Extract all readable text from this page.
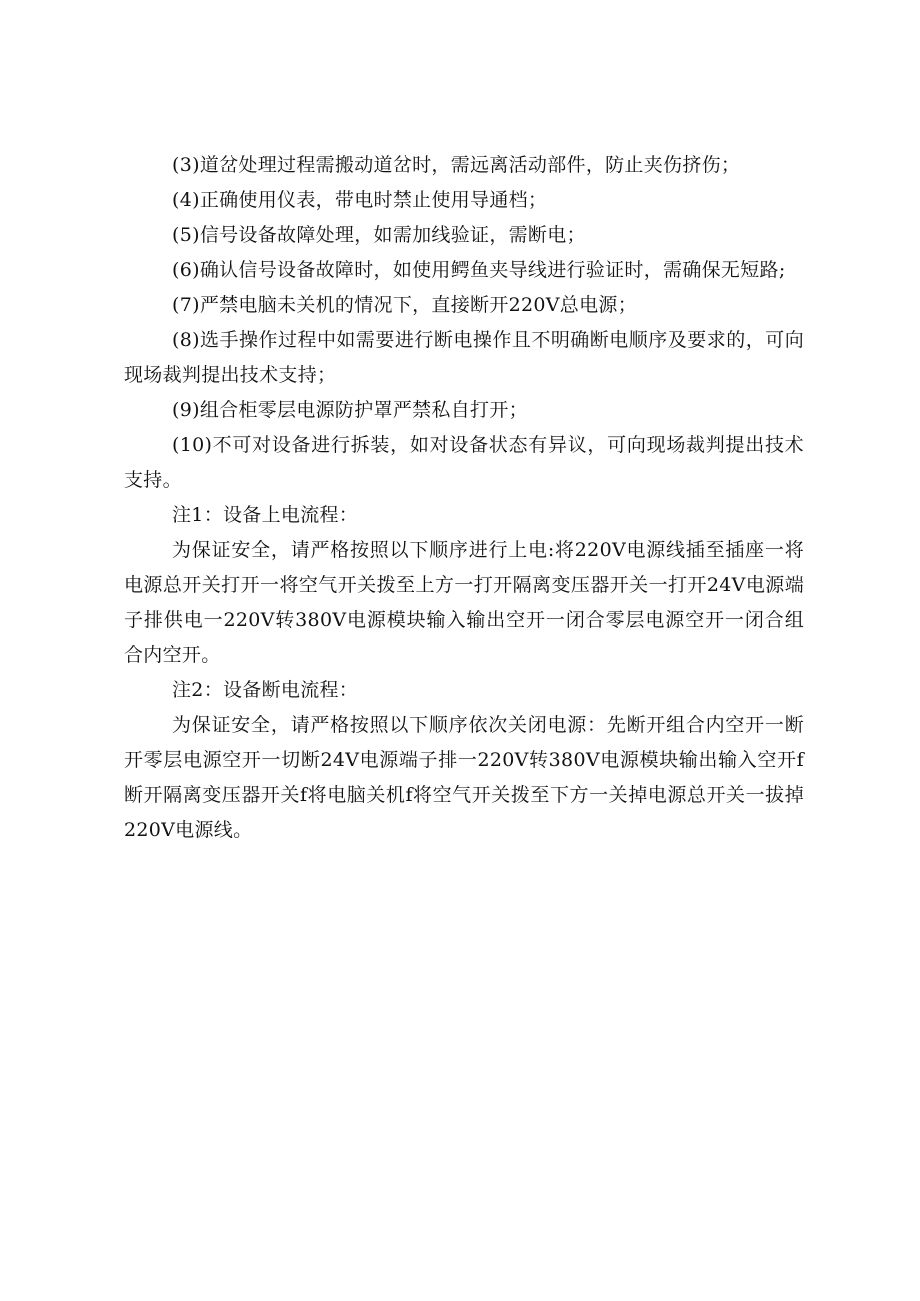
(3)道岔处理过程需搬动道岔时，需远离活动部件，防止夹伤挤伤；

(4)正确使用仪表，带电时禁止使用导通档；

(5)信号设备故障处理，如需加线验证，需断电；

(6)确认信号设备故障时，如使用鳄鱼夹导线进行验证时，需确保无短路;

(7)严禁电脑未关机的情况下，直接断开220V总电源；

(8)选手操作过程中如需要进行断电操作且不明确断电顺序及要求的，可向现场裁判提出技术支持；

(9)组合柜零层电源防护罩严禁私自打开；

(10)不可对设备进行拆装，如对设备状态有异议，可向现场裁判提出技术支持。

注1：设备上电流程：

为保证安全，请严格按照以下顺序进行上电:将220V电源线插至插座一将电源总开关打开一将空气开关拨至上方一打开隔离变压器开关一打开24V电源端子排供电一220V转380V电源模块输入输出空开一闭合零层电源空开一闭合组合内空开。

注2：设备断电流程：

为保证安全，请严格按照以下顺序依次关闭电源：先断开组合内空开一断开零层电源空开一切断24V电源端子排一220V转380V电源模块输出输入空开f断开隔离变压器开关f将电脑关机f将空气开关拨至下方一关掉电源总开关一拔掉220V电源线。
